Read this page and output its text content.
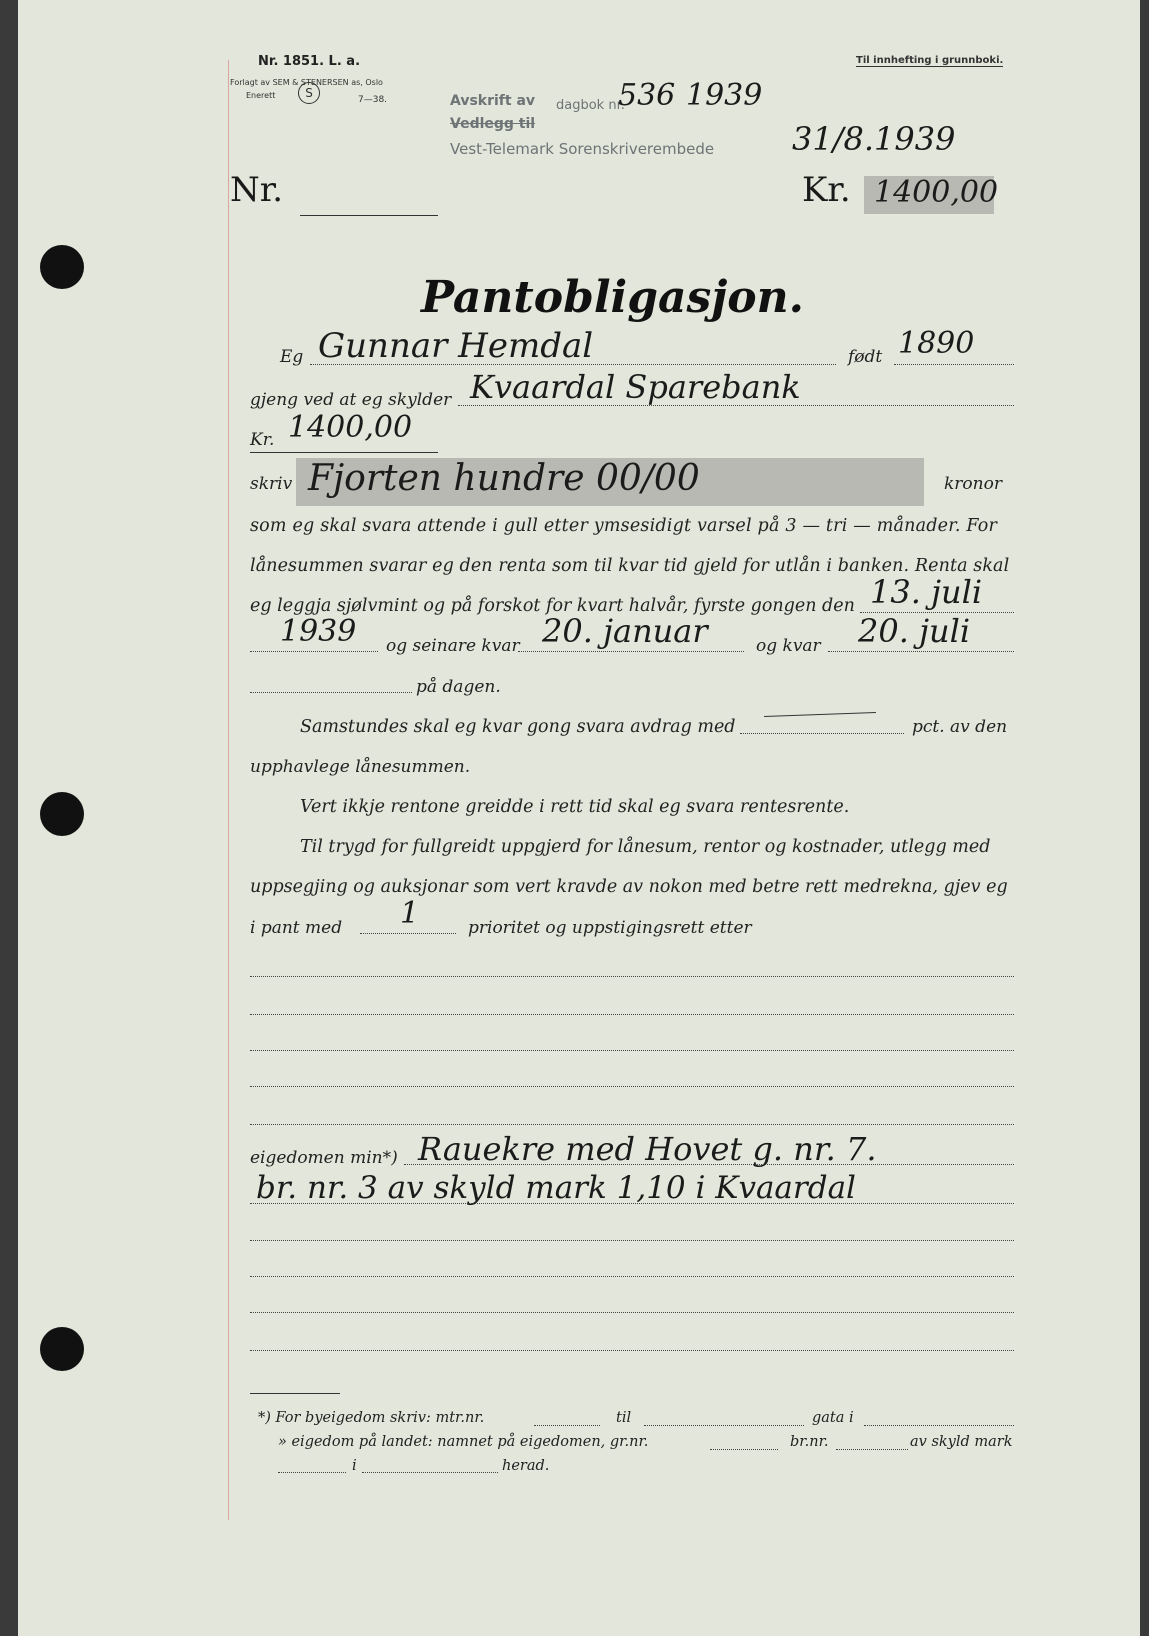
Nr. 1851. L. a.
Forlagt av SEM & STENERSEN as, Oslo
Enerett	S	7—38.
Til innhefting i grunnboki.
Avskrift av dagbok nr.
536 1939
Vedlegg til
Vest-Telemark Sorenskriverembede 31/8.1939
Nr.	Kr. 1400,00
Pantobligasjon.
Eg Gunnar Hemdal	født 1890
gjeng ved at eg skylder Kvaardal Sparebank
Kr. 1400,00
skriv Fjorten hundre 00/00	kronor
som eg skal svara attende i gull etter ymsesidigt varsel på 3 — tri — månader. For
lånesummen svarar eg den renta som til kvar tid gjeld for utlån i banken. Renta skal
eg leggja sjølvmint og på forskot for kvart halvår, fyrste gongen den 13. juli
1939 og seinare kvar 20. januar	og kvar 20. juli
på dagen.
Samstundes skal eg kvar gong svara avdrag med	pct. av den
upphavlege lånesummen.
Vert ikkje rentone greidde i rett tid skal eg svara rentesrente.
Til trygd for fullgreidt uppgjerd for lånesum, rentor og kostnader, utlegg med
uppsegjing og auksjonar som vert kravde av nokon med betre rett medrekna, gjev eg
i pant med 1	prioritet og uppstigingsrett etter
eigedomen min*) Rauekre med Hovet g. nr. 7.
br. nr. 3 av skyld mark 1,10 i Kvaardal
*) For byeigedom skriv: mtr.nr.	til	gata i
» eigedom på landet: namnet på eigedomen, gr.nr.	br.nr.	av skyld mark
i	herad.
